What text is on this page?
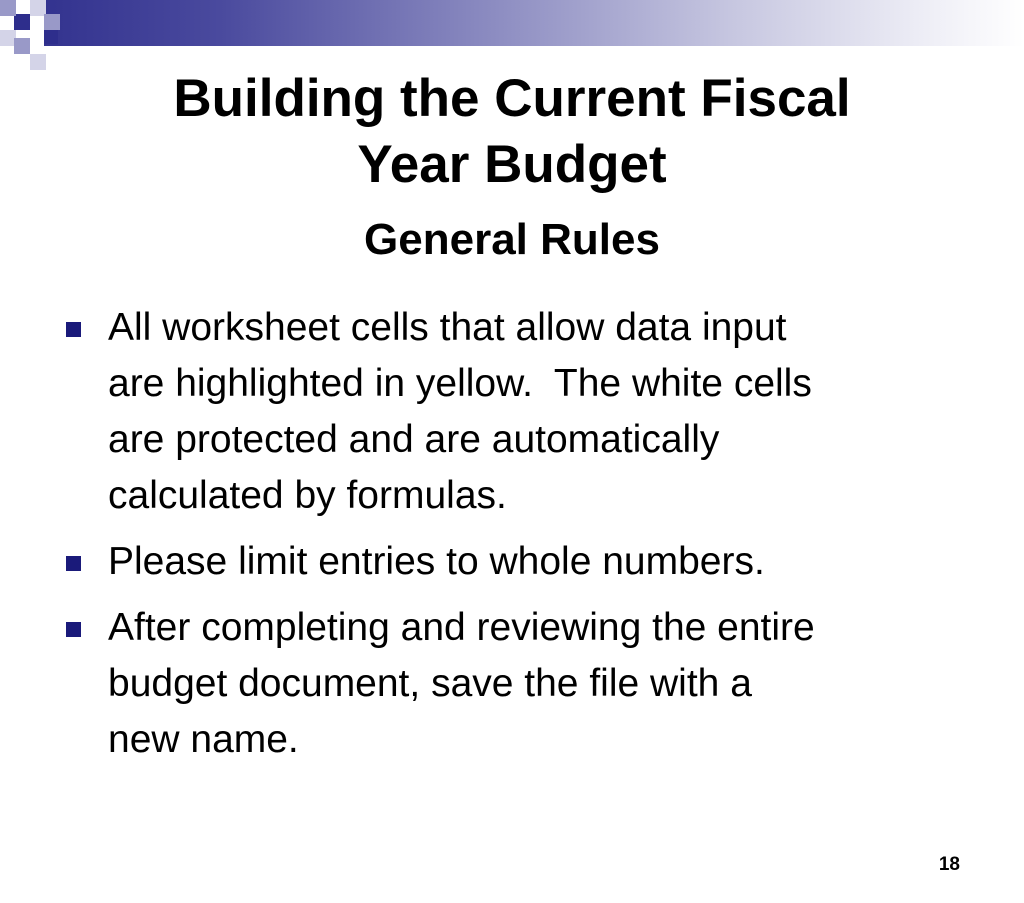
Building the Current Fiscal
Year Budget
General Rules
All worksheet cells that allow data input
are highlighted in yellow.  The white cells
are protected and are automatically
calculated by formulas.
Please limit entries to whole numbers.
After completing and reviewing the entire
budget document, save the file with a
new name.
18
